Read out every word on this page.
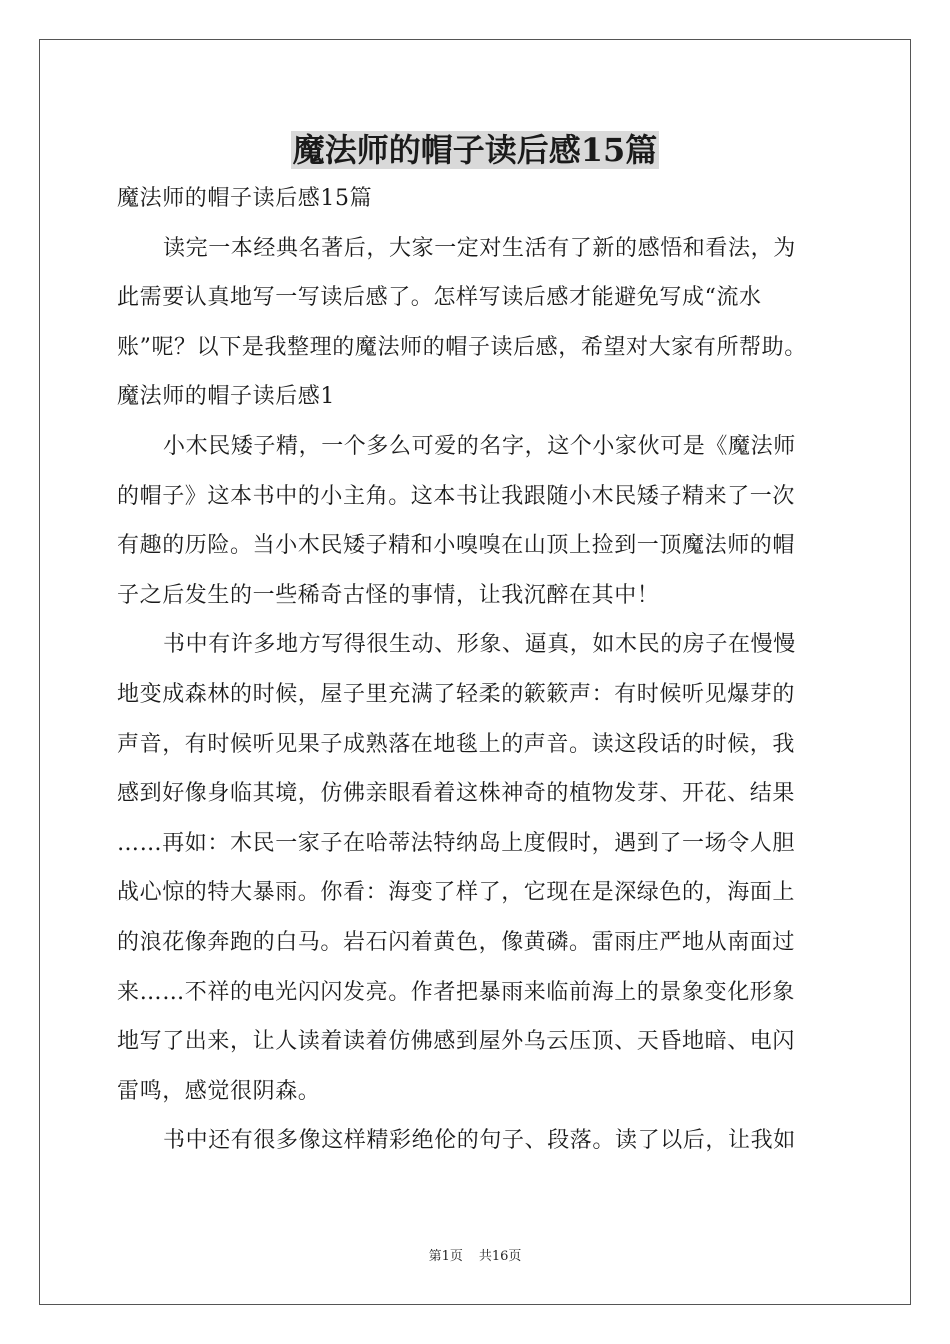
魔法师的帽子读后感15篇
魔法师的帽子读后感15篇
读完一本经典名著后，大家一定对生活有了新的感悟和看法，为
此需要认真地写一写读后感了。怎样写读后感才能避免写成“流水
账”呢？以下是我整理的魔法师的帽子读后感，希望对大家有所帮助。
魔法师的帽子读后感1
小木民矮子精，一个多么可爱的名字，这个小家伙可是《魔法师
的帽子》这本书中的小主角。这本书让我跟随小木民矮子精来了一次
有趣的历险。当小木民矮子精和小嗅嗅在山顶上捡到一顶魔法师的帽
子之后发生的一些稀奇古怪的事情，让我沉醉在其中！
书中有许多地方写得很生动、形象、逼真，如木民的房子在慢慢
地变成森林的时候，屋子里充满了轻柔的簌簌声：有时候听见爆芽的
声音，有时候听见果子成熟落在地毯上的声音。读这段话的时候，我
感到好像身临其境，仿佛亲眼看着这株神奇的植物发芽、开花、结果
……再如：木民一家子在哈蒂法特纳岛上度假时，遇到了一场令人胆
战心惊的特大暴雨。你看：海变了样了，它现在是深绿色的，海面上
的浪花像奔跑的白马。岩石闪着黄色，像黄磷。雷雨庄严地从南面过
来……不祥的电光闪闪发亮。作者把暴雨来临前海上的景象变化形象
地写了出来，让人读着读着仿佛感到屋外乌云压顶、天昏地暗、电闪
雷鸣，感觉很阴森。
书中还有很多像这样精彩绝伦的句子、段落。读了以后，让我如
第1页 共16页
